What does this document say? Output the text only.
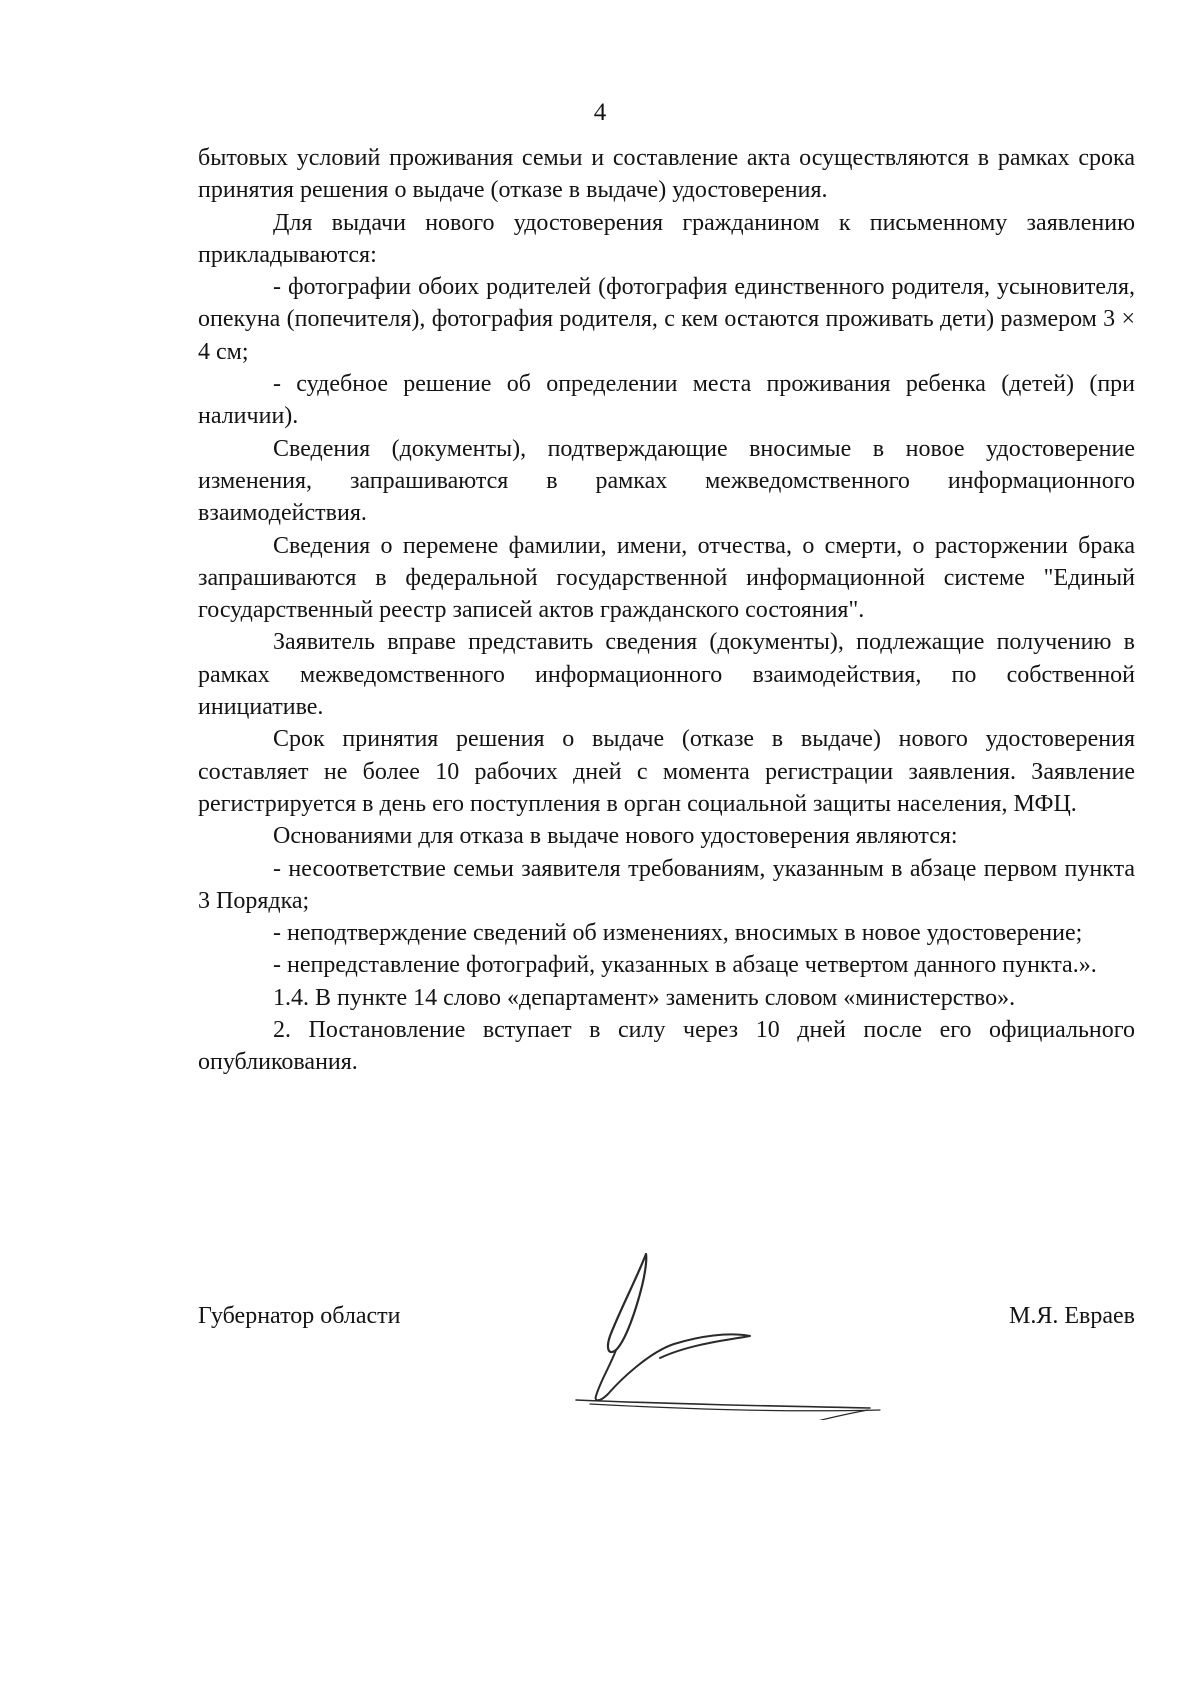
4

бытовых условий проживания семьи и составление акта осуществляются в рамках срока принятия решения о выдаче (отказе в выдаче) удостоверения.

Для выдачи нового удостоверения гражданином к письменному заявлению прикладываются:

- фотографии обоих родителей (фотография единственного родителя, усыновителя, опекуна (попечителя), фотография родителя, с кем остаются проживать дети) размером 3 × 4 см;

- судебное решение об определении места проживания ребенка (детей) (при наличии).

Сведения (документы), подтверждающие вносимые в новое удостоверение изменения, запрашиваются в рамках межведомственного информационного взаимодействия.

Сведения о перемене фамилии, имени, отчества, о смерти, о расторжении брака запрашиваются в федеральной государственной информационной системе "Единый государственный реестр записей актов гражданского состояния".

Заявитель вправе представить сведения (документы), подлежащие получению в рамках межведомственного информационного взаимодействия, по собственной инициативе.

Срок принятия решения о выдаче (отказе в выдаче) нового удостоверения составляет не более 10 рабочих дней с момента регистрации заявления. Заявление регистрируется в день его поступления в орган социальной защиты населения, МФЦ.

Основаниями для отказа в выдаче нового удостоверения являются:

- несоответствие семьи заявителя требованиям, указанным в абзаце первом пункта 3 Порядка;

- неподтверждение сведений об изменениях, вносимых в новое удостоверение;

- непредставление фотографий, указанных в абзаце четвертом данного пункта.».

1.4. В пункте 14 слово «департамент» заменить словом «министерство».

2. Постановление вступает в силу через 10 дней после его официального опубликования.

Губернатор области	М.Я. Евраев
